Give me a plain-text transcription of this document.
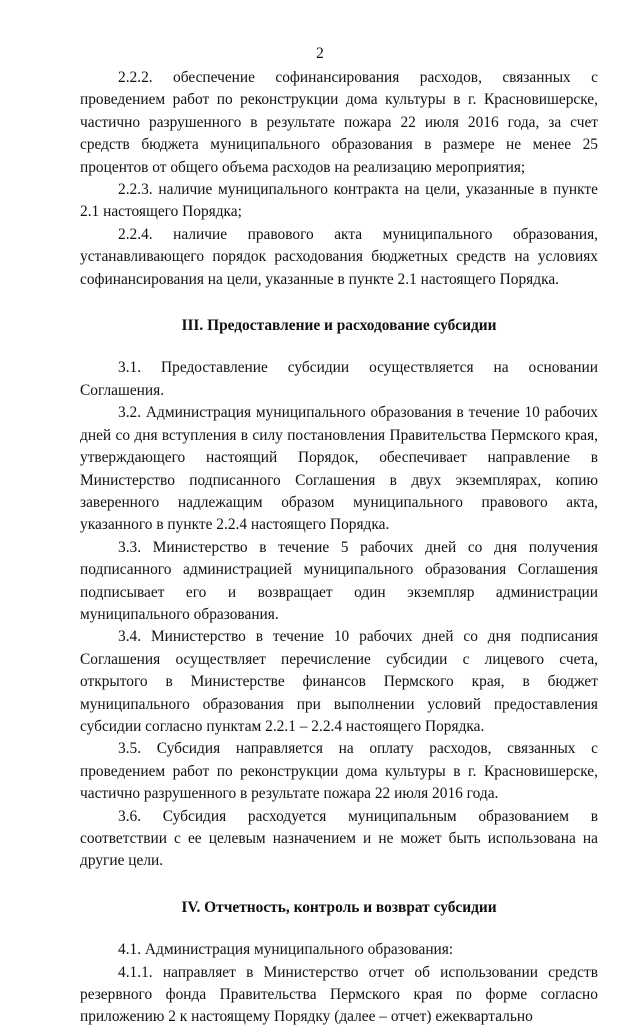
2

2.2.2. обеспечение софинансирования расходов, связанных с проведением работ по реконструкции дома культуры в г. Красновишерске, частично разрушенного в результате пожара 22 июля 2016 года, за счет средств бюджета муниципального образования в размере не менее 25 процентов от общего объема расходов на реализацию мероприятия;

2.2.3. наличие муниципального контракта на цели, указанные в пункте 2.1 настоящего Порядка;

2.2.4. наличие правового акта муниципального образования, устанавливающего порядок расходования бюджетных средств на условиях софинансирования на цели, указанные в пункте 2.1 настоящего Порядка.

III. Предоставление и расходование субсидии

3.1. Предоставление субсидии осуществляется на основании Соглашения.

3.2. Администрация муниципального образования в течение 10 рабочих дней со дня вступления в силу постановления Правительства Пермского края, утверждающего настоящий Порядок, обеспечивает направление в Министерство подписанного Соглашения в двух экземплярах, копию заверенного надлежащим образом муниципального правового акта, указанного в пункте 2.2.4 настоящего Порядка.

3.3. Министерство в течение 5 рабочих дней со дня получения подписанного администрацией муниципального образования Соглашения подписывает его и возвращает один экземпляр администрации муниципального образования.

3.4. Министерство в течение 10 рабочих дней со дня подписания Соглашения осуществляет перечисление субсидии с лицевого счета, открытого в Министерстве финансов Пермского края, в бюджет муниципального образования при выполнении условий предоставления субсидии согласно пунктам 2.2.1 – 2.2.4 настоящего Порядка.

3.5. Субсидия направляется на оплату расходов, связанных с проведением работ по реконструкции дома культуры в г. Красновишерске, частично разрушенного в результате пожара 22 июля 2016 года.

3.6. Субсидия расходуется муниципальным образованием в соответствии с ее целевым назначением и не может быть использована на другие цели.

IV. Отчетность, контроль и возврат субсидии

4.1. Администрация муниципального образования:

4.1.1. направляет в Министерство отчет об использовании средств резервного фонда Правительства Пермского края по форме согласно приложению 2 к настоящему Порядку (далее – отчет) ежеквартально
